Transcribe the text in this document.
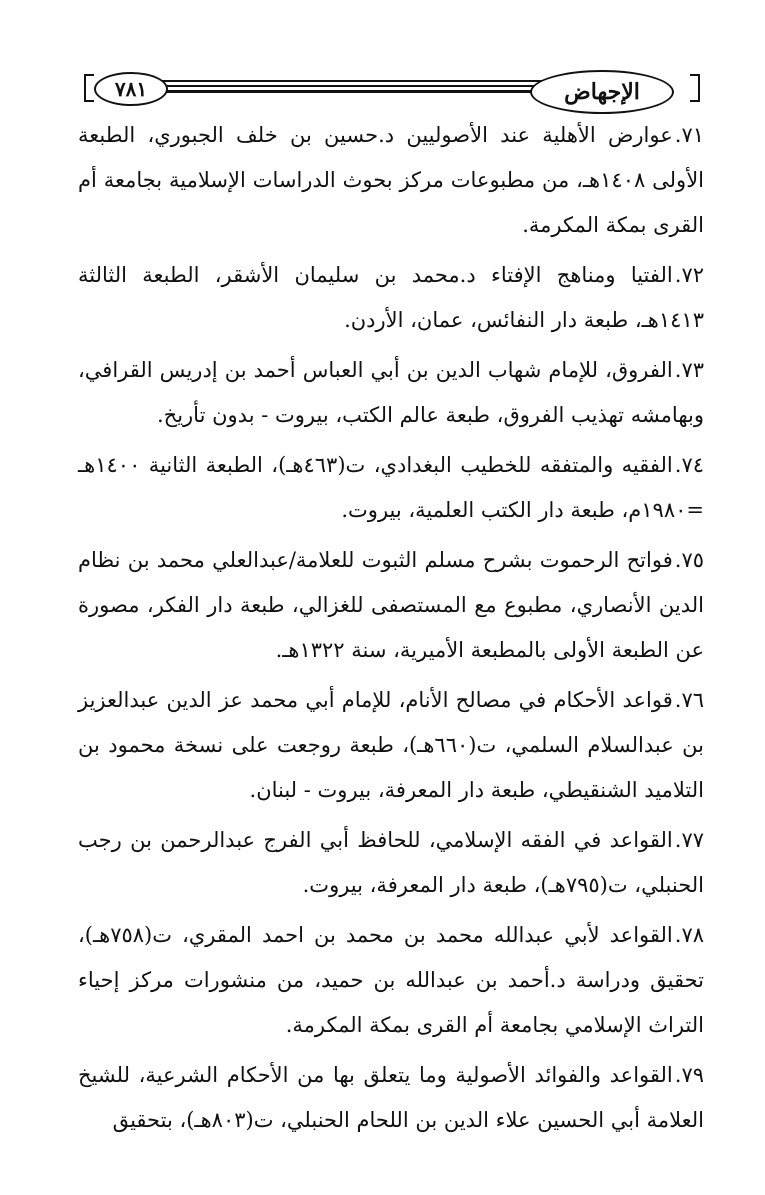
٧٨١	الإجهاض

٧١.عوارض الأهلية عند الأصوليين د.حسين بن خلف الجبوري، الطبعة الأولى ١٤٠٨هـ، من مطبوعات مركز بحوث الدراسات الإسلامية بجامعة أم القرى بمكة المكرمة.

٧٢.الفتيا ومناهج الإفتاء د.محمد بن سليمان الأشقر، الطبعة الثالثة ١٤١٣هـ، طبعة دار النفائس، عمان، الأردن.

٧٣.الفروق، للإمام شهاب الدين بن أبي العباس أحمد بن إدريس القرافي، وبهامشه تهذيب الفروق، طبعة عالم الكتب، بيروت - بدون تأريخ.

٧٤.الفقيه والمتفقه للخطيب البغدادي، ت(٤٦٣هـ)، الطبعة الثانية ١٤٠٠هـ =١٩٨٠م، طبعة دار الكتب العلمية، بيروت.

٧٥.فواتح الرحموت بشرح مسلم الثبوت للعلامة/عبدالعلي محمد بن نظام الدين الأنصاري، مطبوع مع المستصفى للغزالي، طبعة دار الفكر، مصورة عن الطبعة الأولى بالمطبعة الأميرية، سنة ١٣٢٢هـ.

٧٦.قواعد الأحكام في مصالح الأنام، للإمام أبي محمد عز الدين عبدالعزيز بن عبدالسلام السلمي، ت(٦٦٠هـ)، طبعة روجعت على نسخة محمود بن التلاميد الشنقيطي، طبعة دار المعرفة، بيروت - لبنان.

٧٧.القواعد في الفقه الإسلامي، للحافظ أبي الفرج عبدالرحمن بن رجب الحنبلي، ت(٧٩٥هـ)، طبعة دار المعرفة، بيروت.

٧٨.القواعد لأبي عبدالله محمد بن محمد بن احمد المقري، ت(٧٥٨هـ)، تحقيق ودراسة د.أحمد بن عبدالله بن حميد، من منشورات مركز إحياء التراث الإسلامي بجامعة أم القرى بمكة المكرمة.

٧٩.القواعد والفوائد الأصولية وما يتعلق بها من الأحكام الشرعية، للشيخ العلامة أبي الحسين علاء الدين بن اللحام الحنبلي، ت(٨٠٣هـ)، بتحقيق
